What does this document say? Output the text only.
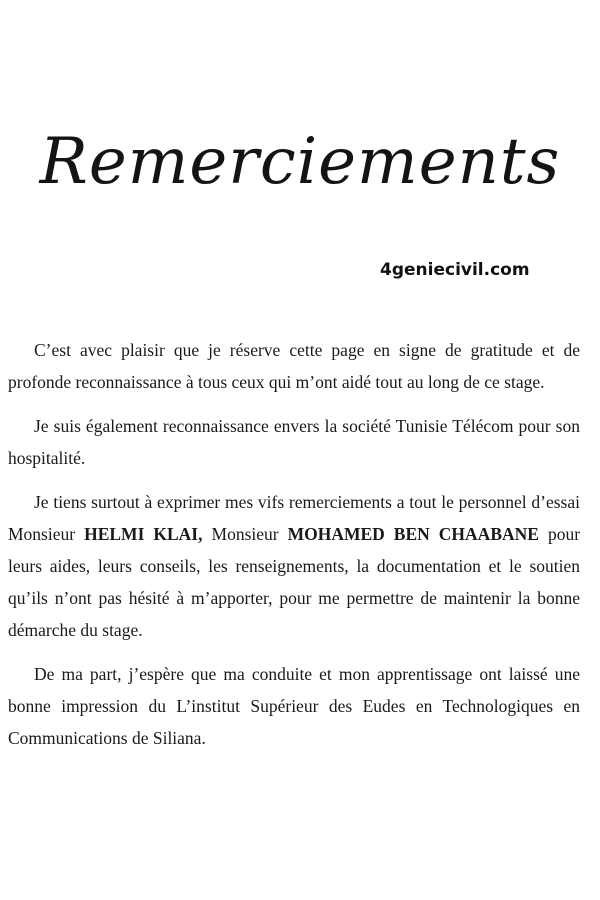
Remerciements
4geniecivil.com

C’est avec plaisir que je réserve cette page en signe de gratitude et de profonde reconnaissance à tous ceux qui m’ont aidé tout au long de ce stage.

Je suis également reconnaissance envers la société Tunisie Télécom pour son hospitalité.

Je tiens surtout à exprimer mes vifs remerciements a tout le personnel d’essai Monsieur HELMI KLAI, Monsieur MOHAMED BEN CHAABANE pour leurs aides, leurs conseils, les renseignements, la documentation et le soutien qu’ils n’ont pas hésité à m’apporter, pour me permettre de maintenir la bonne démarche du stage.

De ma part, j’espère que ma conduite et mon apprentissage ont laissé une bonne impression du L’institut Supérieur des Eudes en Technologiques en Communications de Siliana.
